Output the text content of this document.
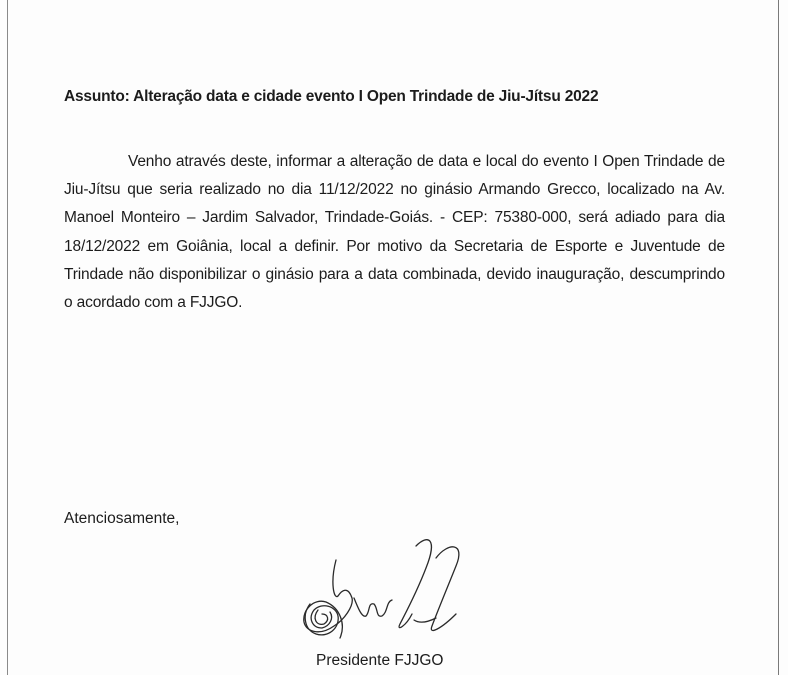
Assunto: Alteração data e cidade evento I Open Trindade de Jiu-Jítsu 2022

Venho através deste, informar a alteração de data e local do evento I Open Trindade de Jiu-Jítsu que seria realizado no dia 11/12/2022 no ginásio Armando Grecco, localizado na Av. Manoel Monteiro – Jardim Salvador, Trindade-Goiás. - CEP: 75380-000, será adiado para dia 18/12/2022 em Goiânia, local a definir. Por motivo da Secretaria de Esporte e Juventude de Trindade não disponibilizar o ginásio para a data combinada, devido inauguração, descumprindo o acordado com a FJJGO.

Atenciosamente,
Presidente FJJGO
